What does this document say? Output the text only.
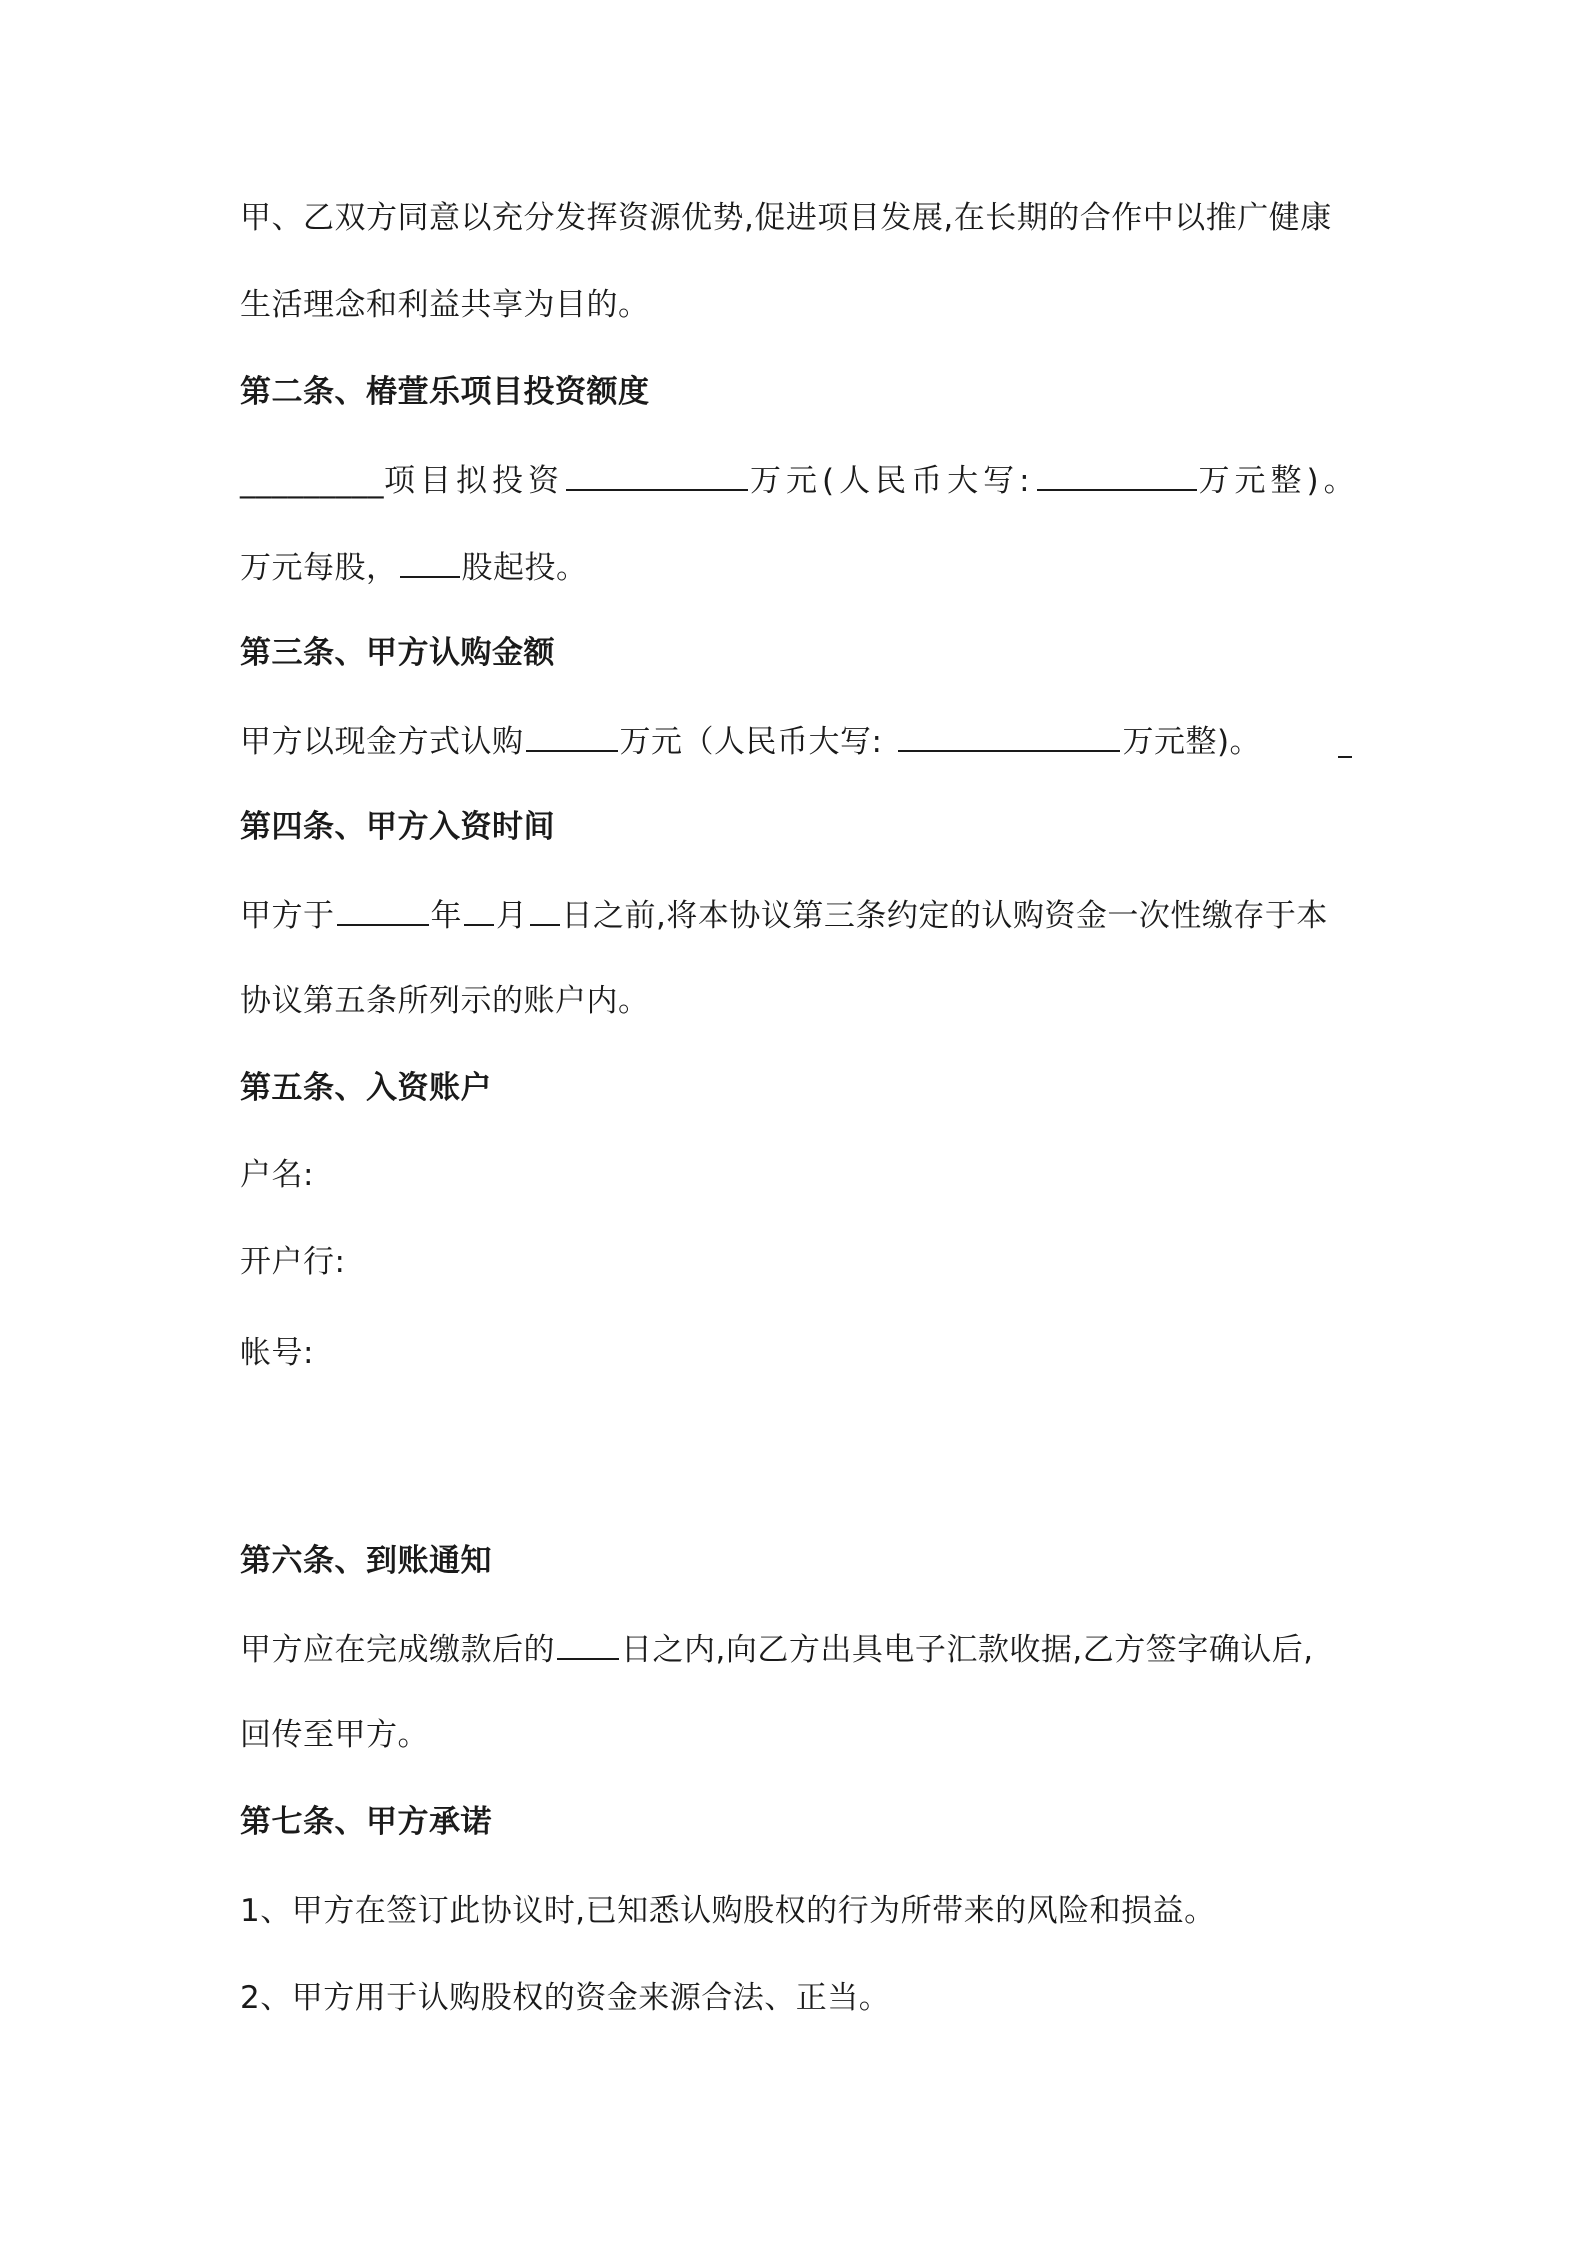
甲、乙双方同意以充分发挥资源优势,促进项目发展,在长期的合作中以推广健康
生活理念和利益共享为目的。
第二条、椿萱乐项目投资额度
_________项目拟投资	万元(人民币大写:	万元整)。
万元每股， 股起投。
第三条、甲方认购金额
甲方以现金方式认购	万元（人民币大写:	万元整)。
第四条、甲方入资时间
甲方于	年 月 日之前,将本协议第三条约定的认购资金一次性缴存于本
协议第五条所列示的账户内。
第五条、入资账户
户名:
开户行:
帐号:
第六条、到账通知
甲方应在完成缴款后的 日之内,向乙方出具电子汇款收据,乙方签字确认后,
回传至甲方。
第七条、甲方承诺
1、甲方在签订此协议时,已知悉认购股权的行为所带来的风险和损益。
2、甲方用于认购股权的资金来源合法、正当。
